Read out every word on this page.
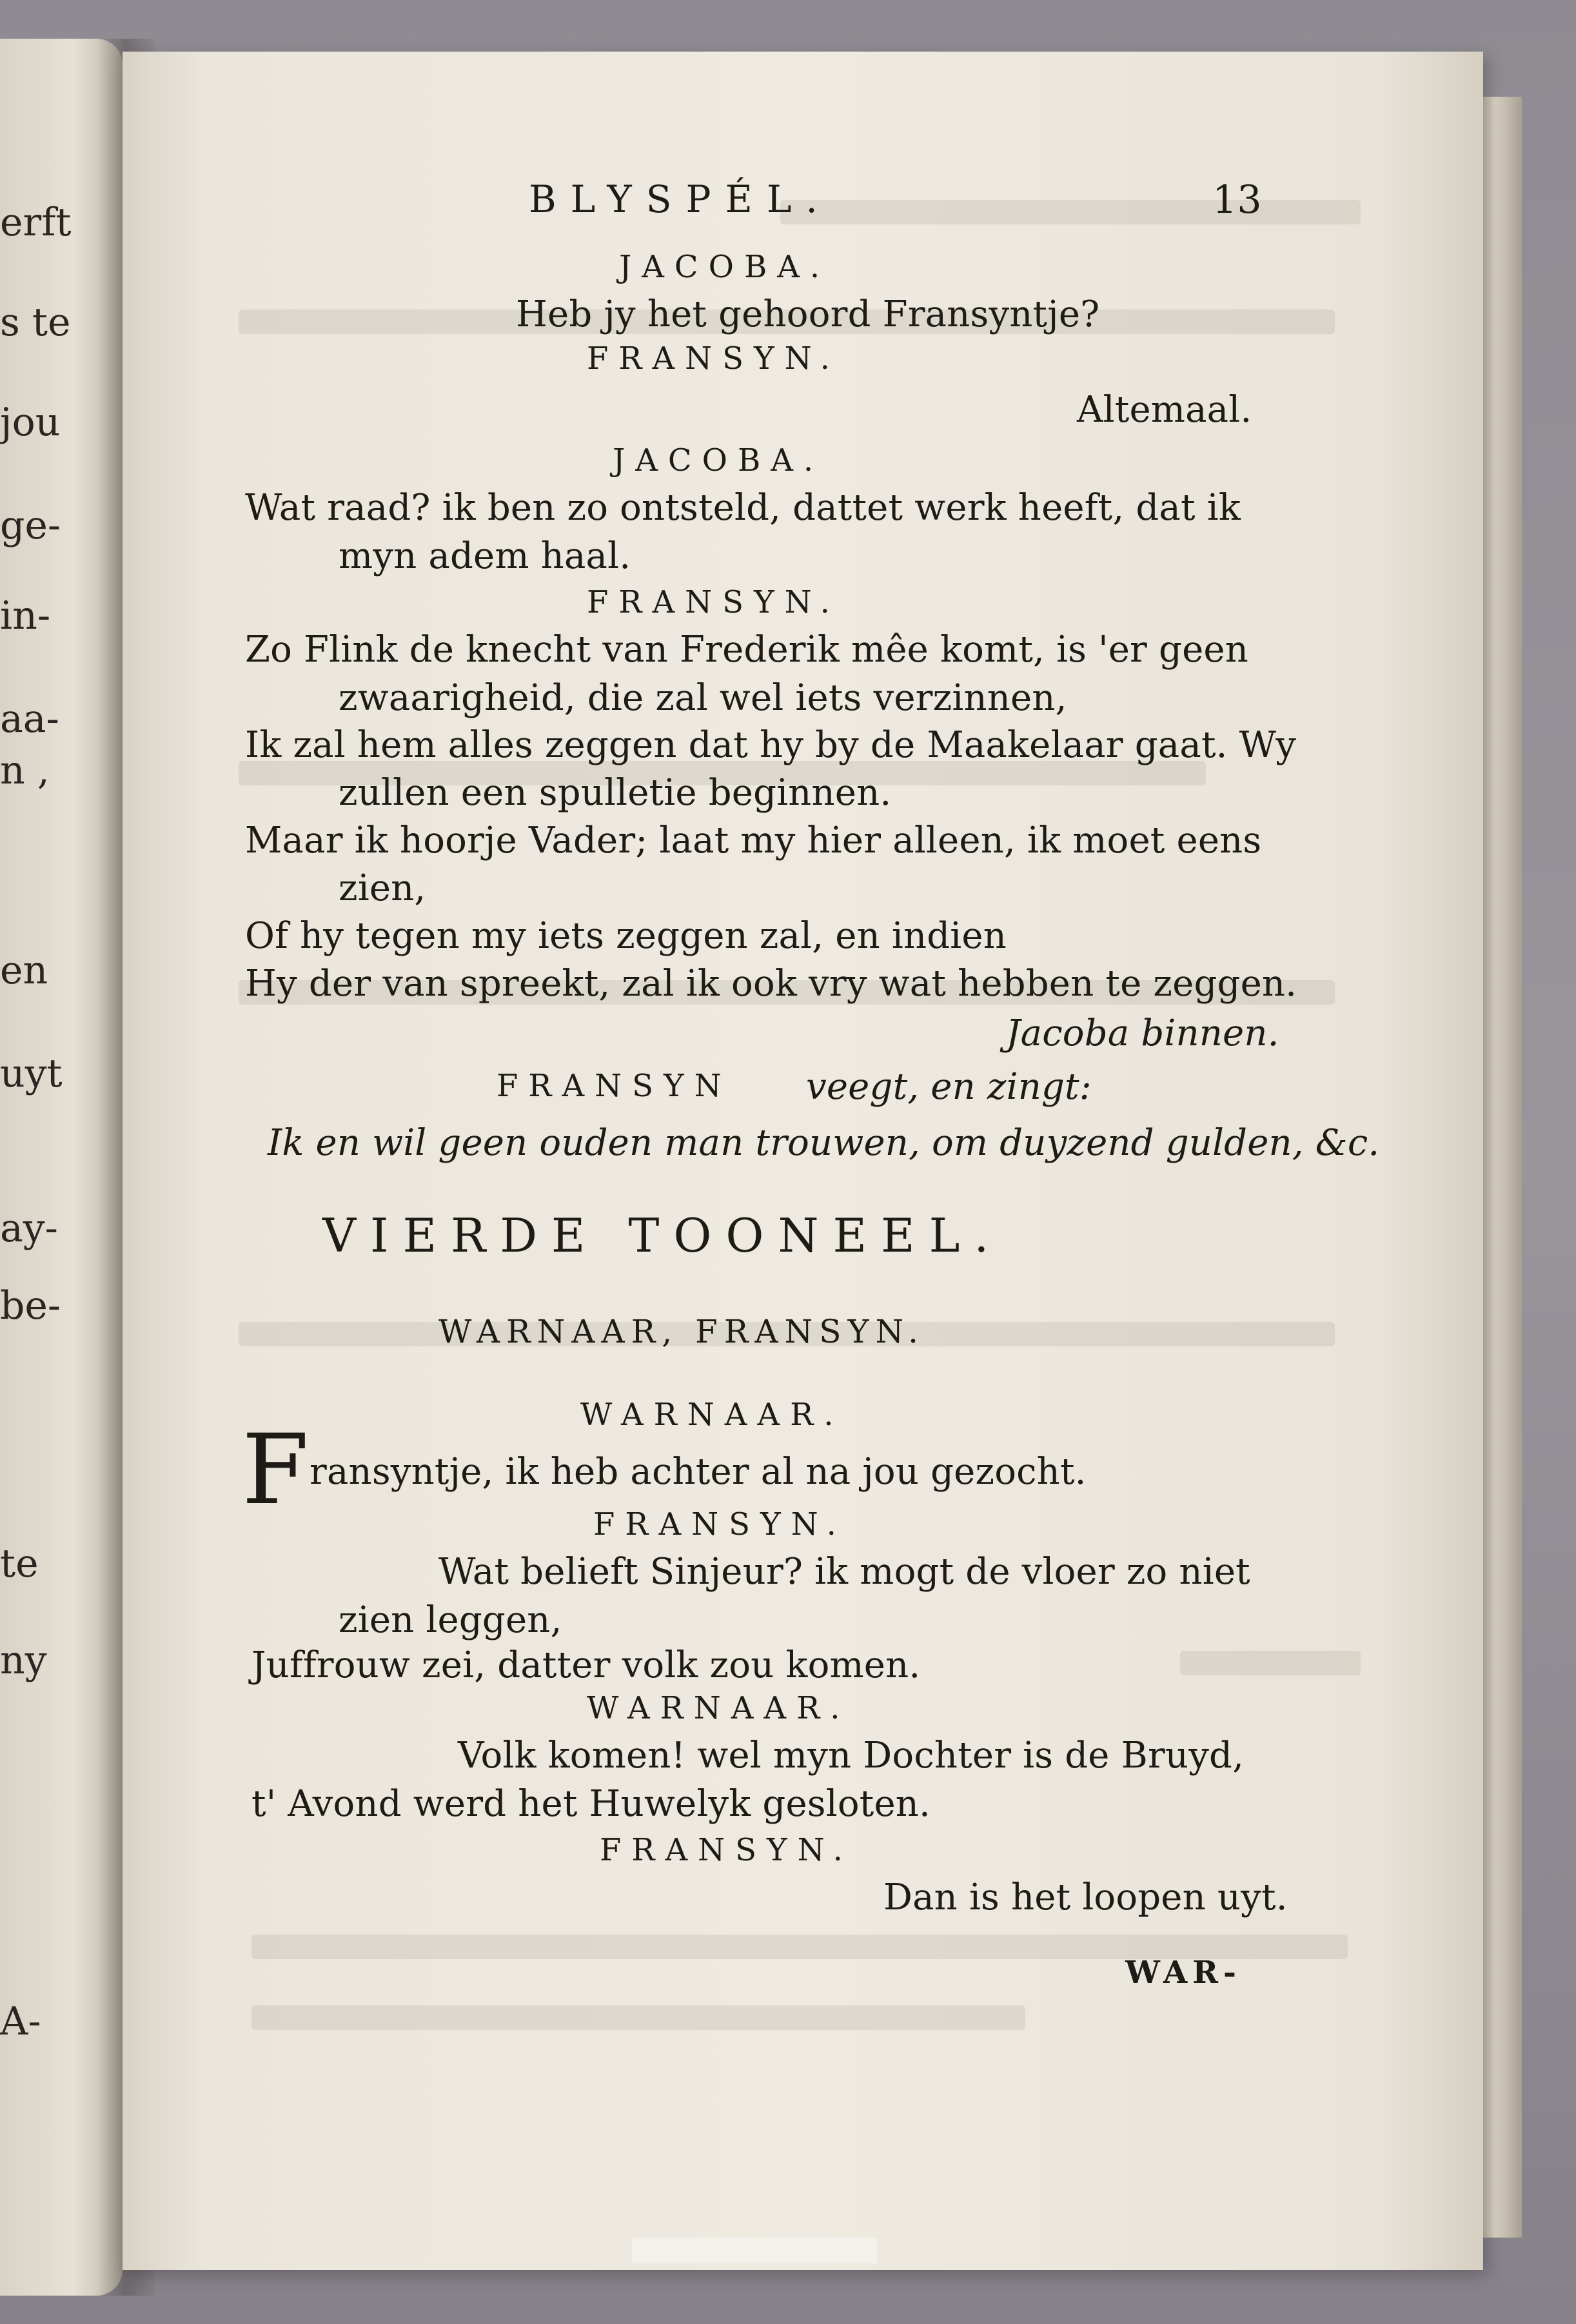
erft
s te
jou
ge-
in-
aa-
n ,
en
uyt
ay-
be-
te
ny
A-
BLYSPÉL.	13
JACOBA.
Heb jy het gehoord Fransyntje?
FRANSYN.
Altemaal.
JACOBA.
Wat raad? ik ben zo ontsteld, dattet werk heeft, dat ik
myn adem haal.
FRANSYN.
Zo Flink de knecht van Frederik mêe komt, is 'er geen
zwaarigheid, die zal wel iets verzinnen,
Ik zal hem alles zeggen dat hy by de Maakelaar gaat. Wy
zullen een spulletie beginnen.
Maar ik hoorje Vader; laat my hier alleen, ik moet eens
zien,
Of hy tegen my iets zeggen zal, en indien
Hy der van spreekt, zal ik ook vry wat hebben te zeggen.
Jacoba binnen.
FRANSYN veegt, en zingt:
Ik en wil geen ouden man trouwen, om duyzend gulden, &c.
VIERDE TOONEEL.
WARNAAR, FRANSYN.
WARNAAR.
F ransyntje, ik heb achter al na jou gezocht.
FRANSYN.
Wat belieft Sinjeur? ik mogt de vloer zo niet
zien leggen,
Juffrouw zei, datter volk zou komen.
WARNAAR.
Volk komen! wel myn Dochter is de Bruyd,
t' Avond werd het Huwelyk gesloten.
FRANSYN.
Dan is het loopen uyt.
WAR-
